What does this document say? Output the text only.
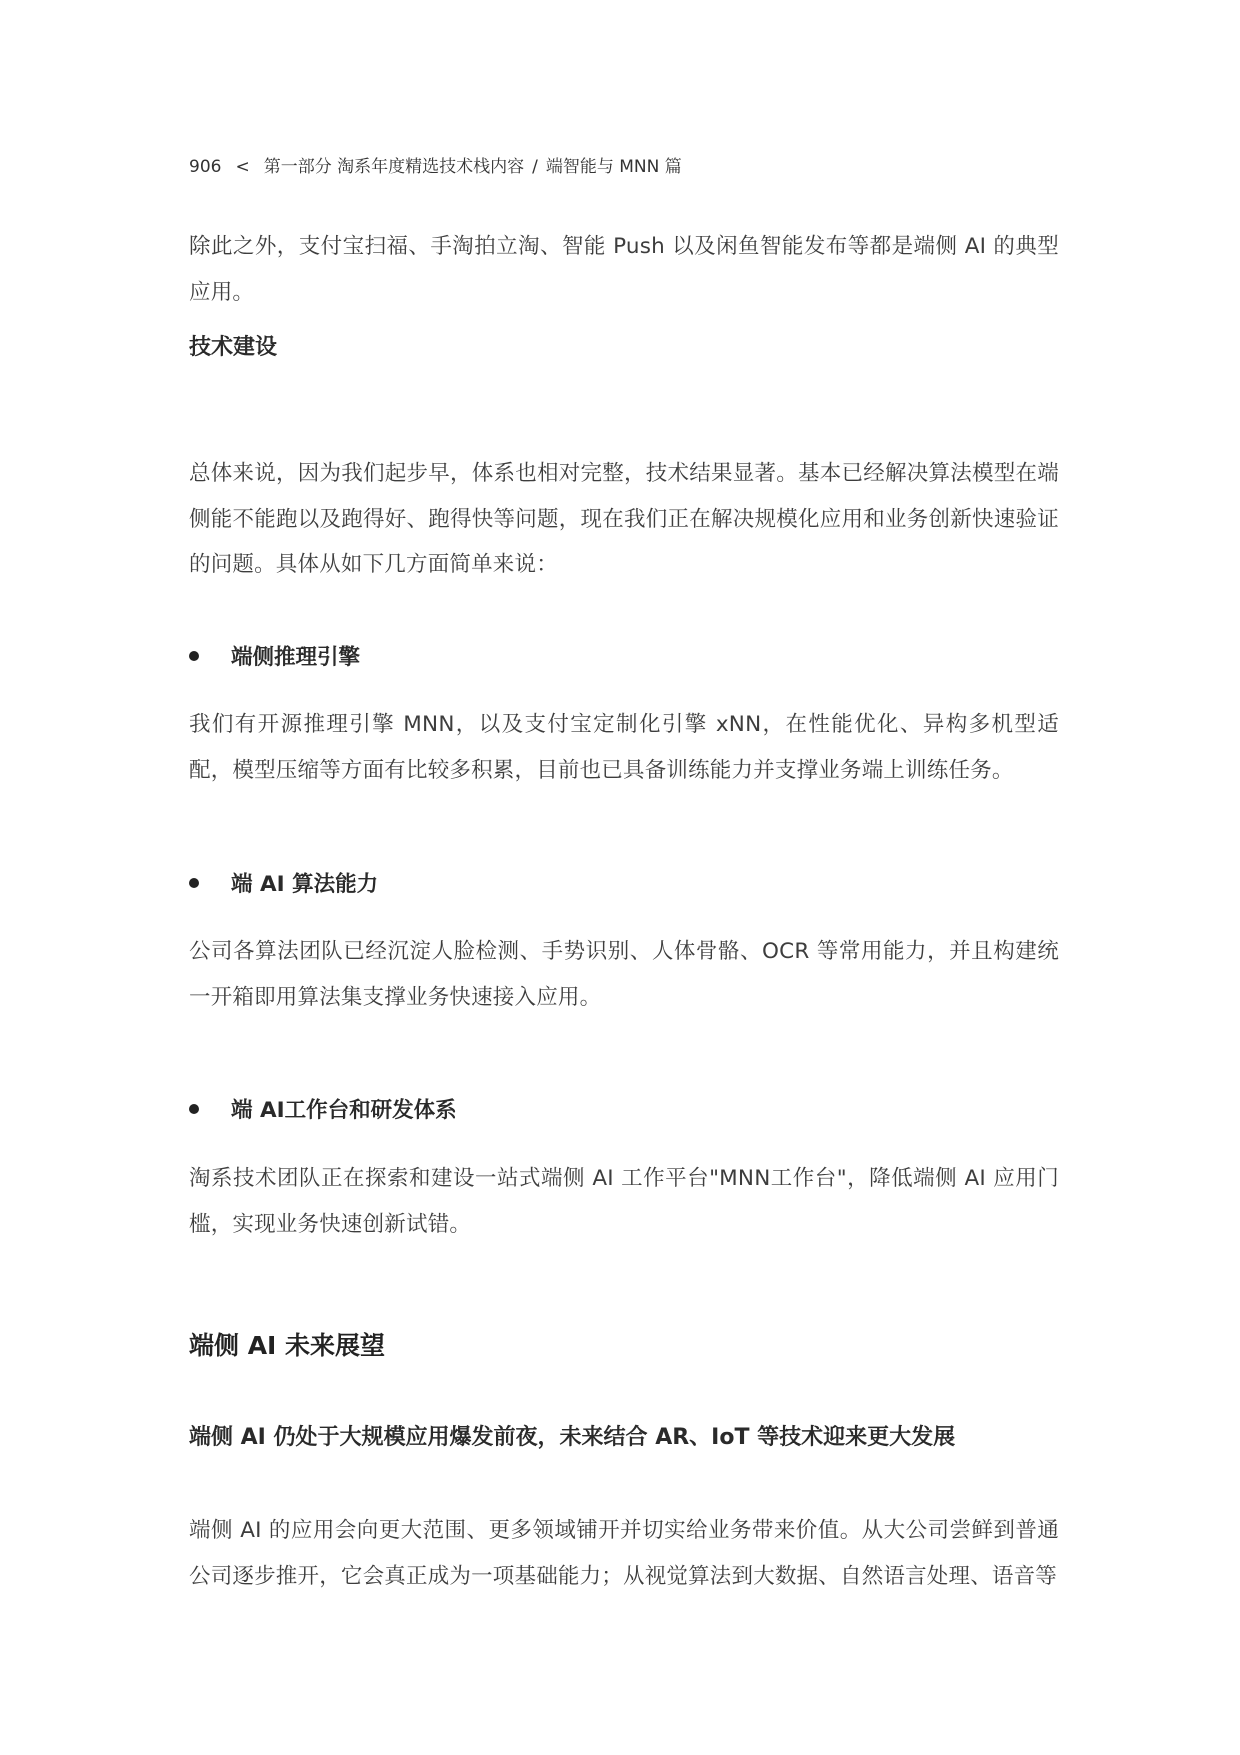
906 < 第一部分 淘系年度精选技术栈内容 / 端智能与 MNN 篇

除此之外，支付宝扫福、手淘拍立淘、智能 Push 以及闲鱼智能发布等都是端侧 AI 的典型应用。

技术建设

总体来说，因为我们起步早，体系也相对完整，技术结果显著。基本已经解决算法模型在端侧能不能跑以及跑得好、跑得快等问题，现在我们正在解决规模化应用和业务创新快速验证的问题。具体从如下几方面简单来说：

端侧推理引擎

我们有开源推理引擎 MNN，以及支付宝定制化引擎 xNN，在性能优化、异构多机型适配，模型压缩等方面有比较多积累，目前也已具备训练能力并支撑业务端上训练任务。

端 AI 算法能力

公司各算法团队已经沉淀人脸检测、手势识别、人体骨骼、OCR 等常用能力，并且构建统一开箱即用算法集支撑业务快速接入应用。

端 AI工作台和研发体系

淘系技术团队正在探索和建设一站式端侧 AI 工作平台"MNN工作台"，降低端侧 AI 应用门槛，实现业务快速创新试错。

端侧 AI 未来展望
端侧 AI 仍处于大规模应用爆发前夜，未来结合 AR、IoT 等技术迎来更大发展

端侧 AI 的应用会向更大范围、更多领域铺开并切实给业务带来价值。从大公司尝鲜到普通公司逐步推开，它会真正成为一项基础能力；从视觉算法到大数据、自然语言处理、语音等
